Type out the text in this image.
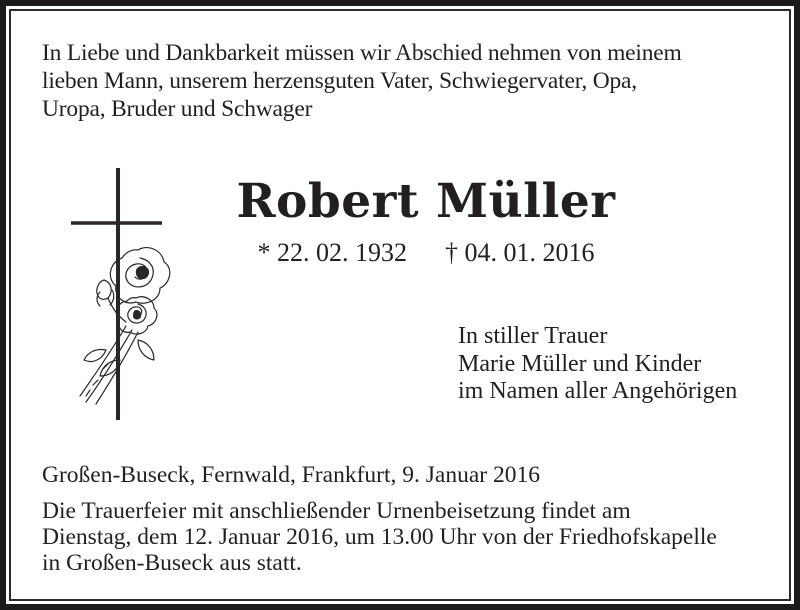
In Liebe und Dankbarkeit müssen wir Abschied nehmen von meinem
lieben Mann, unserem herzensguten Vater, Schwiegervater, Opa,
Uropa, Bruder und Schwager
Robert Müller
* 22. 02. 1932 † 04. 01. 2016
In stiller Trauer
Marie Müller und Kinder
im Namen aller Angehörigen
Großen-Buseck, Fernwald, Frankfurt, 9. Januar 2016
Die Trauerfeier mit anschließender Urnenbeisetzung findet am
Dienstag, dem 12. Januar 2016, um 13.00 Uhr von der Friedhofskapelle
in Großen-Buseck aus statt.
